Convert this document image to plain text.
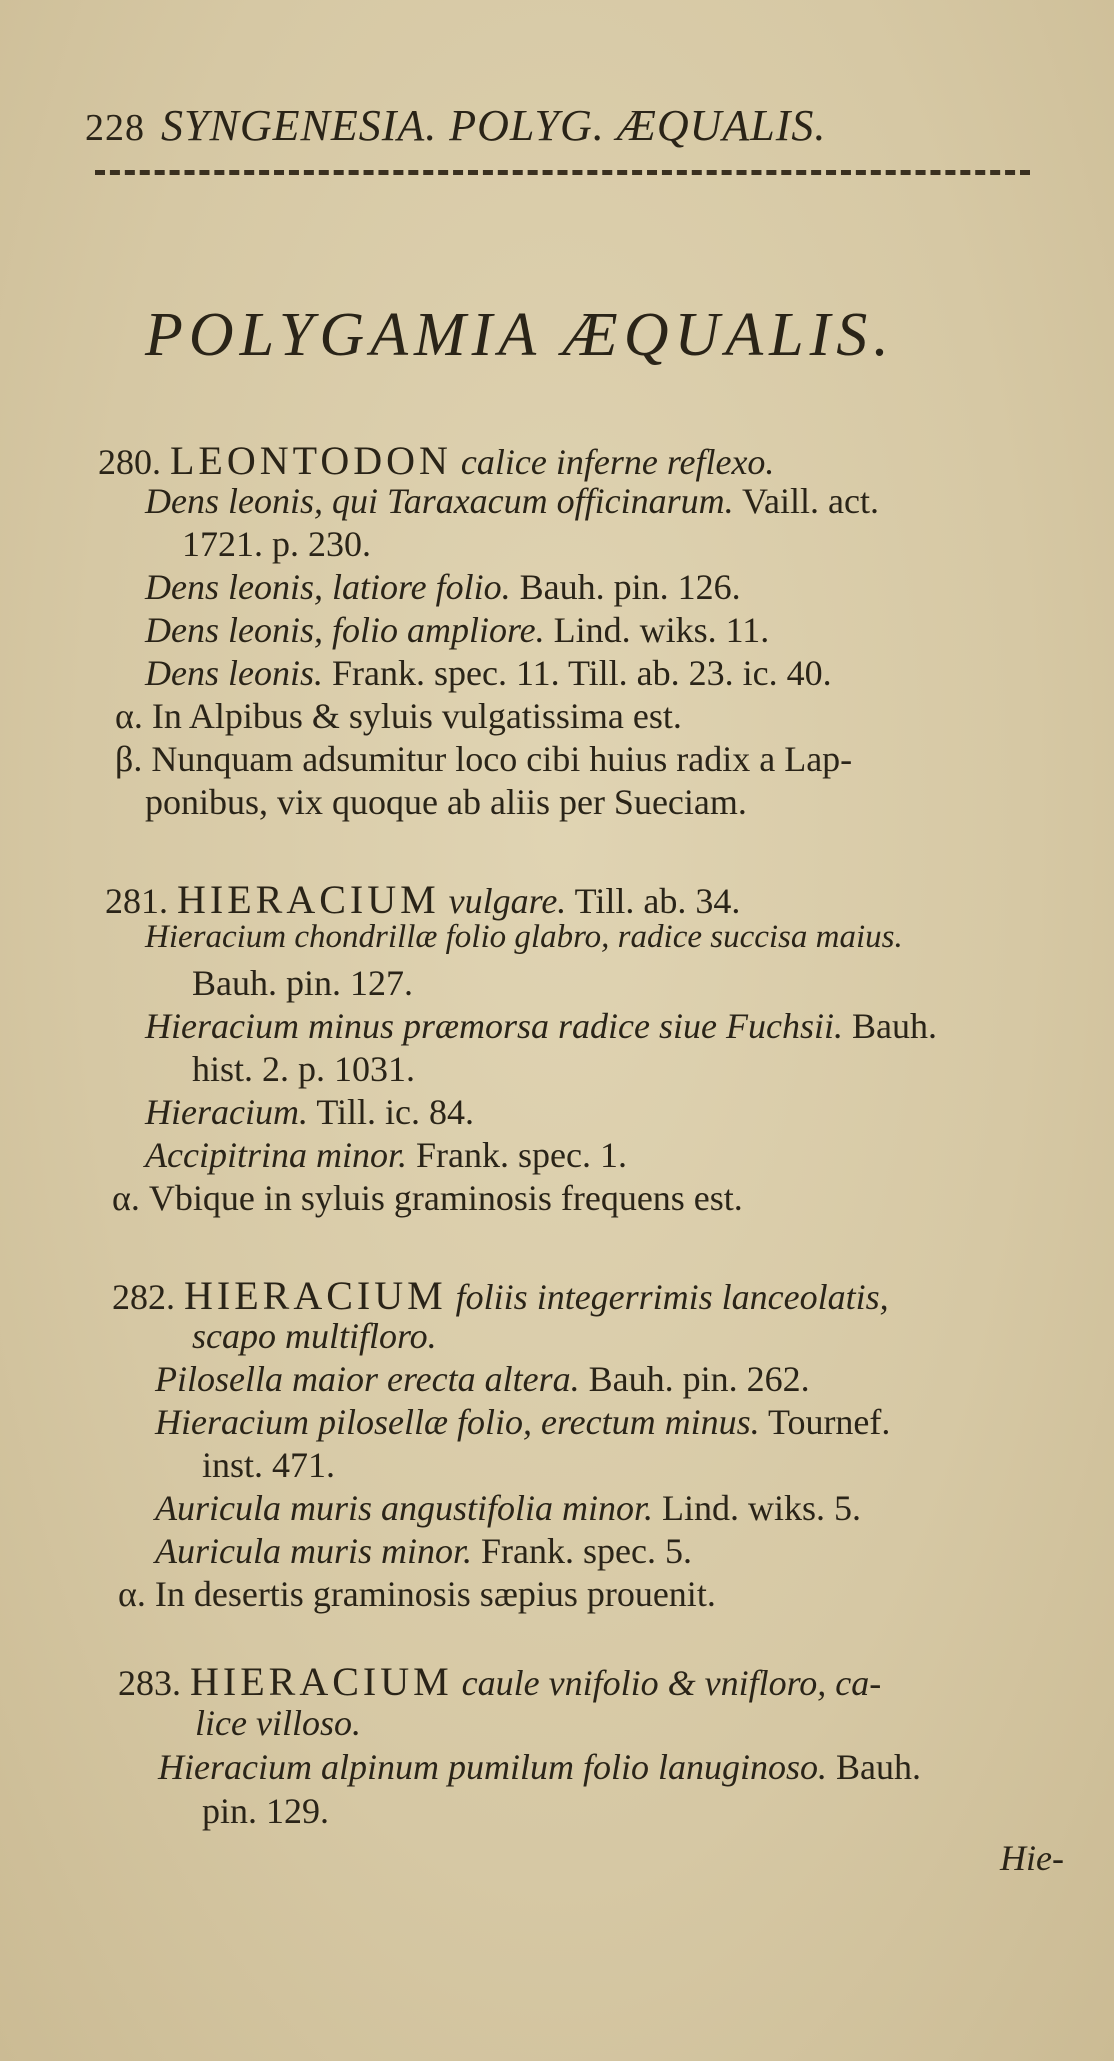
228 SYNGENESIA. POLYG. ÆQUALIS.
POLYGAMIA ÆQUALIS.
280. LEONTODON calice inferne reflexo.
Dens leonis, qui Taraxacum officinarum. Vaill. act.
1721. p. 230.
Dens leonis, latiore folio. Bauh. pin. 126.
Dens leonis, folio ampliore. Lind. wiks. 11.
Dens leonis. Frank. spec. 11. Till. ab. 23. ic. 40.
α. In Alpibus & syluis vulgatissima est.
β. Nunquam adsumitur loco cibi huius radix a Lap-
ponibus, vix quoque ab aliis per Sueciam.
281. HIERACIUM vulgare. Till. ab. 34.
Hieracium chondrillæ folio glabro, radice succisa maius.
Bauh. pin. 127.
Hieracium minus præmorsa radice siue Fuchsii. Bauh.
hist. 2. p. 1031.
Hieracium. Till. ic. 84.
Accipitrina minor. Frank. spec. 1.
α. Vbique in syluis graminosis frequens est.
282. HIERACIUM foliis integerrimis lanceolatis,
scapo multifloro.
Pilosella maior erecta altera. Bauh. pin. 262.
Hieracium pilosellæ folio, erectum minus. Tournef.
inst. 471.
Auricula muris angustifolia minor. Lind. wiks. 5.
Auricula muris minor. Frank. spec. 5.
α. In desertis graminosis sæpius prouenit.
283. HIERACIUM caule vnifolio & vnifloro, ca-
lice villoso.
Hieracium alpinum pumilum folio lanuginoso. Bauh.
pin. 129.
Hie-
